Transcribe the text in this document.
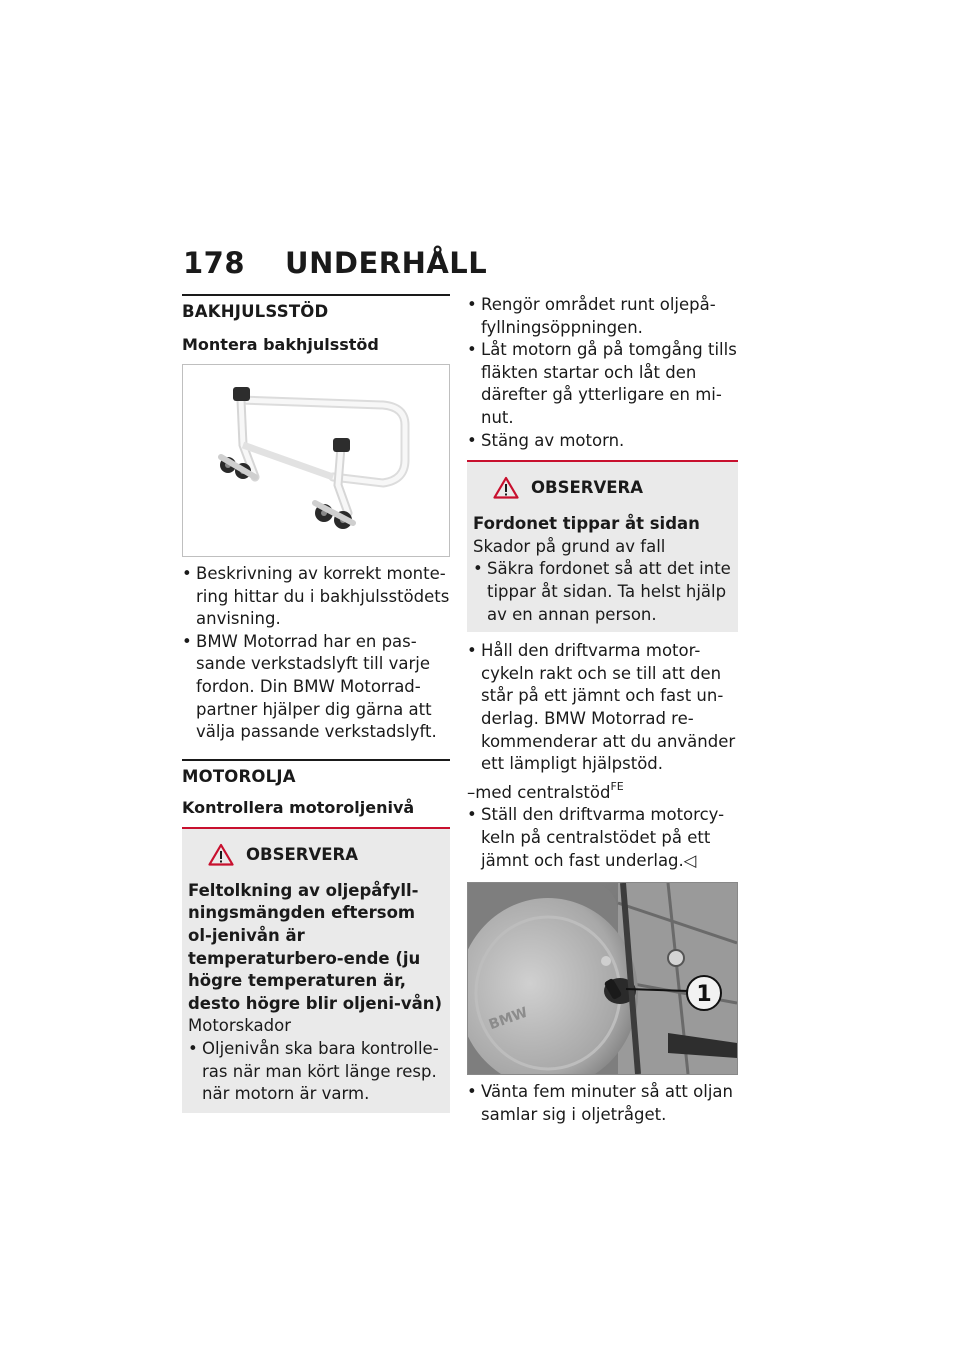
178 UNDERHÅLL
BAKHJULSSTÖD
Montera bakhjulsstöd
• Beskrivning av korrekt monte-ring hittar du i bakhjulsstödets anvisning.
• BMW Motorrad har en pas-sande verkstadslyft till varje fordon. Din BMW Motorrad-partner hjälper dig gärna att välja passande verkstadslyft.
MOTOROLJA
Kontrollera motoroljenivå
OBSERVERA
Feltolkning av oljepåfyll-ningsmängden eftersom ol-jenivån är temperaturbero-ende (ju högre temperaturen är, desto högre blir oljeni-vån)
Motorskador
• Oljenivån ska bara kontrolle-ras när man kört länge resp. när motorn är varm.
• Rengör området runt oljepå-fyllningsöppningen.
• Låt motorn gå på tomgång tills fläkten startar och låt den därefter gå ytterligare en mi-nut.
• Stäng av motorn.
OBSERVERA
Fordonet tippar åt sidan
Skador på grund av fall
• Säkra fordonet så att det inte tippar åt sidan. Ta helst hjälp av en annan person.
• Håll den driftvarma motor-cykeln rakt och se till att den står på ett jämnt och fast un-derlag. BMW Motorrad re-kommenderar att du använder ett lämpligt hjälpstöd.
–med centralstöd$^{FE}$
• Ställ den driftvarma motorcy-keln på centralstödet på ett jämnt och fast underlag.◁
BMW
1
• Vänta fem minuter så att oljan samlar sig i oljetråget.
